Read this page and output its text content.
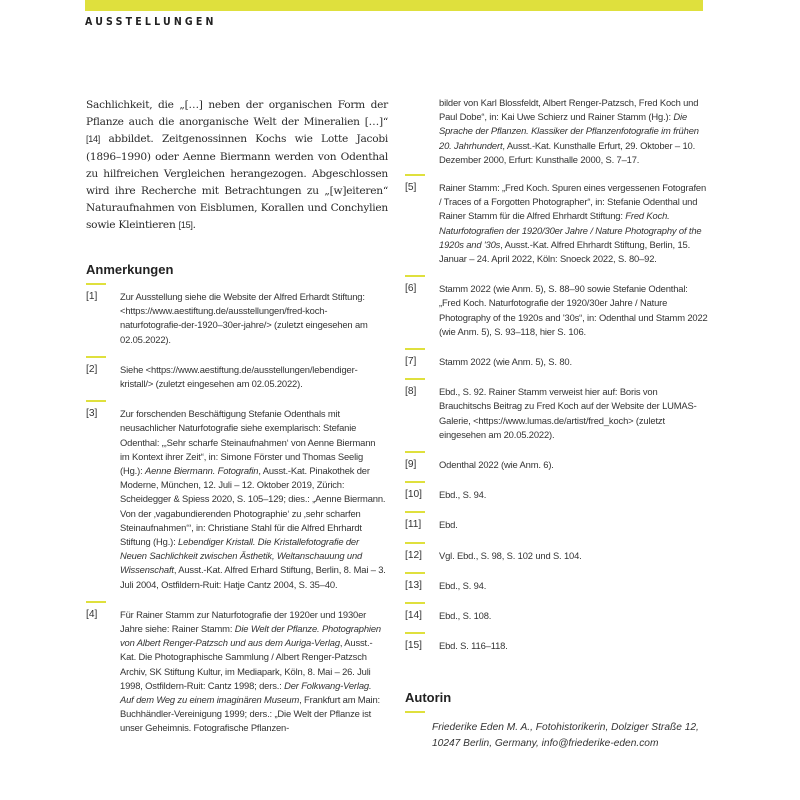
AUSSTELLUNGEN
Sachlichkeit, die „[…] neben der organischen Form der Pflanze auch die anorganische Welt der Mineralien […]“ [14] abbildet. Zeitgenossinnen Kochs wie Lotte Jacobi (1896–1990) oder Aenne Biermann werden von Odenthal zu hilfreichen Vergleichen herangezogen. Abgeschlossen wird ihre Recherche mit Betrachtungen zu „[w]eiteren“ Naturaufnahmen von Eisblumen, Korallen und Conchylien sowie Kleintieren [15].
Anmerkungen
[1]	Zur Ausstellung siehe die Website der Alfred Erhardt Stiftung: <https://www.aestiftung.de/ausstellungen/fred-koch-naturfotografie-der-1920–30er-jahre/> (zuletzt eingesehen am 02.05.2022).
[2]	Siehe <https://www.aestiftung.de/ausstellungen/lebendiger-kristall/> (zuletzt eingesehen am 02.05.2022).
[3]	Zur forschenden Beschäftigung Stefanie Odenthals mit neusachlicher Naturfotografie siehe exemplarisch: Stefanie Odenthal: „‚Sehr scharfe Steinaufnahmen‘ von Aenne Biermann im Kontext ihrer Zeit“, in: Simone Förster und Thomas Seelig (Hg.): Aenne Biermann. Fotografin, Ausst.-Kat. Pinakothek der Moderne, München, 12. Juli – 12. Oktober 2019, Zürich: Scheidegger & Spiess 2020, S. 105–129; dies.: „Aenne Biermann. Von der ‚vagabundierenden Photographie‘ zu ‚sehr scharfen Steinaufnahmen‘“, in: Christiane Stahl für die Alfred Ehrhardt Stiftung (Hg.): Lebendiger Kristall. Die Kristallefotografie der Neuen Sachlichkeit zwischen Ästhetik, Weltanschauung und Wissenschaft, Ausst.-Kat. Alfred Erhard Stiftung, Berlin, 8. Mai – 3. Juli 2004, Ostfildern-Ruit: Hatje Cantz 2004, S. 35–40.
[4]	Für Rainer Stamm zur Naturfotografie der 1920er und 1930er Jahre siehe: Rainer Stamm: Die Welt der Pflanze. Photographien von Albert Renger-Patzsch und aus dem Auriga-Verlag, Ausst.-Kat. Die Photographische Sammlung / Albert Renger-Patzsch Archiv, SK Stiftung Kultur, im Mediapark, Köln, 8. Mai – 26. Juli 1998, Ostfildern-Ruit: Cantz 1998; ders.: Der Folkwang-Verlag. Auf dem Weg zu einem imaginären Museum, Frankfurt am Main: Buchhändler-Vereinigung 1999; ders.: „Die Welt der Pflanze ist unser Geheimnis. Fotografische Pflanzen-
bilder von Karl Blossfeldt, Albert Renger-Patzsch, Fred Koch und Paul Dobe“, in: Kai Uwe Schierz und Rainer Stamm (Hg.): Die Sprache der Pflanzen. Klassiker der Pflanzenfotografie im frühen 20. Jahrhundert, Ausst.-Kat. Kunsthalle Erfurt, 29. Oktober – 10. Dezember 2000, Erfurt: Kunsthalle 2000, S. 7–17.
[5]	Rainer Stamm: „Fred Koch. Spuren eines vergessenen Fotografen / Traces of a Forgotten Photographer“, in: Stefanie Odenthal und Rainer Stamm für die Alfred Ehrhardt Stiftung: Fred Koch. Naturfotografien der 1920/30er Jahre / Nature Photography of the 1920s and '30s, Ausst.-Kat. Alfred Ehrhardt Stiftung, Berlin, 15. Januar – 24. April 2022, Köln: Snoeck 2022, S. 80–92.
[6]	Stamm 2022 (wie Anm. 5), S. 88–90 sowie Stefanie Odenthal: „Fred Koch. Naturfotografie der 1920/30er Jahre / Nature Photography of the 1920s and '30s“, in: Odenthal und Stamm 2022 (wie Anm. 5), S. 93–118, hier S. 106.
[7]	Stamm 2022 (wie Anm. 5), S. 80.
[8]	Ebd., S. 92. Rainer Stamm verweist hier auf: Boris von Brauchitschs Beitrag zu Fred Koch auf der Website der LUMAS-Galerie, <https://www.lumas.de/artist/fred_koch> (zuletzt eingesehen am 20.05.2022).
[9]	Odenthal 2022 (wie Anm. 6).
[10]	Ebd., S. 94.
[11]	Ebd.
[12]	Vgl. Ebd., S. 98, S. 102 und S. 104.
[13]	Ebd., S. 94.
[14]	Ebd., S. 108.
[15]	Ebd. S. 116–118.
Autorin
Friederike Eden M. A., Fotohistorikerin, Dolziger Straße 12, 10247 Berlin, Germany, info@friederike-eden.com
